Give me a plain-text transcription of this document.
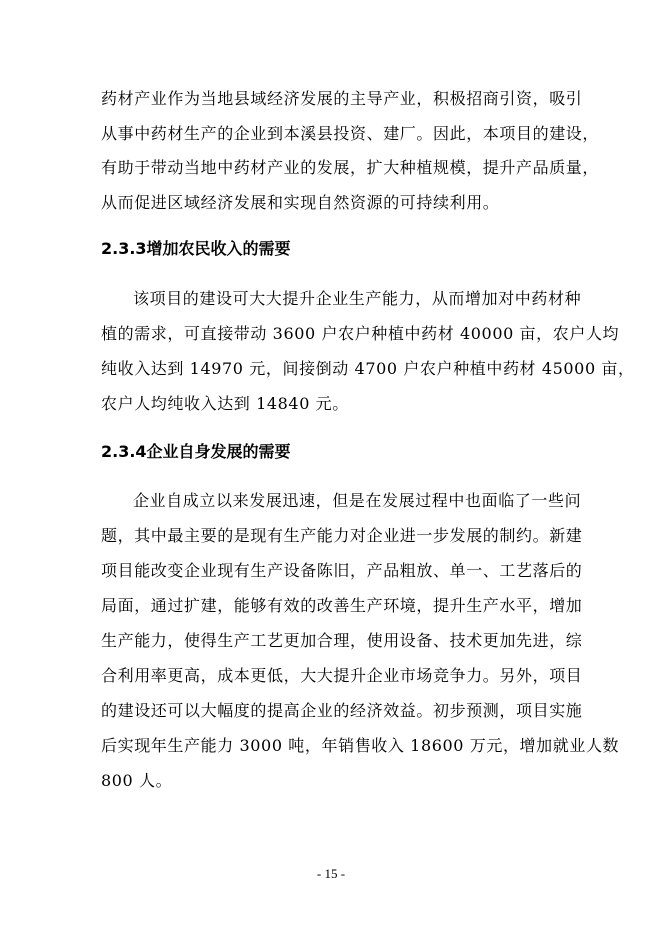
药材产业作为当地县域经济发展的主导产业，积极招商引资，吸引
从事中药材生产的企业到本溪县投资、建厂。因此，本项目的建设，
有助于带动当地中药材产业的发展，扩大种植规模，提升产品质量，
从而促进区域经济发展和实现自然资源的可持续利用。
2.3.3增加农民收入的需要
该项目的建设可大大提升企业生产能力，从而增加对中药材种
植的需求，可直接带动 3600 户农户种植中药材 40000 亩，农户人均
纯收入达到 14970 元，间接倒动 4700 户农户种植中药材 45000 亩，
农户人均纯收入达到 14840 元。
2.3.4企业自身发展的需要
企业自成立以来发展迅速，但是在发展过程中也面临了一些问
题，其中最主要的是现有生产能力对企业进一步发展的制约。新建
项目能改变企业现有生产设备陈旧，产品粗放、单一、工艺落后的
局面，通过扩建，能够有效的改善生产环境，提升生产水平，增加
生产能力，使得生产工艺更加合理，使用设备、技术更加先进，综
合利用率更高，成本更低，大大提升企业市场竞争力。另外，项目
的建设还可以大幅度的提高企业的经济效益。初步预测，项目实施
后实现年生产能力 3000 吨，年销售收入 18600 万元，增加就业人数
800 人。
- 15 -
